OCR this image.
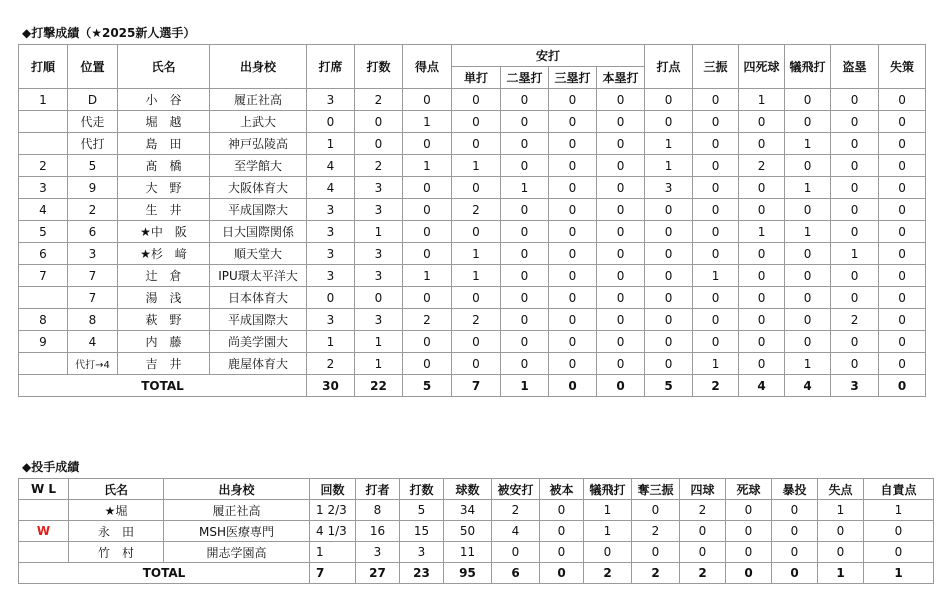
◆打撃成績（★2025新人選手）
打順	位置	氏名	出身校	打席	打数	得点	安打				打点	三振	四死球	犠飛打	盗塁	失策
							単打	二塁打	三塁打	本塁打						
1	D	小　谷	履正社高	3	2	0	0	0	0	0	0	0	1	0	0	0
	代走	堀　越	上武大	0	0	1	0	0	0	0	0	0	0	0	0	0
	代打	島　田	神戸弘陵高	1	0	0	0	0	0	0	1	0	0	1	0	0
2	5	髙　橋	至学館大	4	2	1	1	0	0	0	1	0	2	0	0	0
3	9	大　野	大阪体育大	4	3	0	0	1	0	0	3	0	0	1	0	0
4	2	生　井	平成国際大	3	3	0	2	0	0	0	0	0	0	0	0	0
5	6	★中　阪	日大国際関係	3	1	0	0	0	0	0	0	0	1	1	0	0
6	3	★杉　﨑	順天堂大	3	3	0	1	0	0	0	0	0	0	0	1	0
7	7	辻　倉	IPU環太平洋大	3	3	1	1	0	0	0	0	1	0	0	0	0
	7	湯　浅	日本体育大	0	0	0	0	0	0	0	0	0	0	0	0	0
8	8	萩　野	平成国際大	3	3	2	2	0	0	0	0	0	0	0	2	0
9	4	内　藤	尚美学園大	1	1	0	0	0	0	0	0	0	0	0	0	0
	代打→4	吉　井	鹿屋体育大	2	1	0	0	0	0	0	0	1	0	1	0	0
TOTAL				30	22	5	7	1	0	0	5	2	4	4	3	0
◆投手成績
W L	氏名	出身校	回数	打者	打数	球数	被安打	被本	犠飛打	奪三振	四球	死球	暴投	失点	自責点
	★堀	履正社高	1 2/3	8	5	34	2	0	1	0	2	0	0	1	1
W	永　田	MSH医療専門	4 1/3	16	15	50	4	0	1	2	0	0	0	0	0
	竹　村	開志学園高	1	3	3	11	0	0	0	0	0	0	0	0	0
TOTAL			7	27	23	95	6	0	2	2	2	0	0	1	1
